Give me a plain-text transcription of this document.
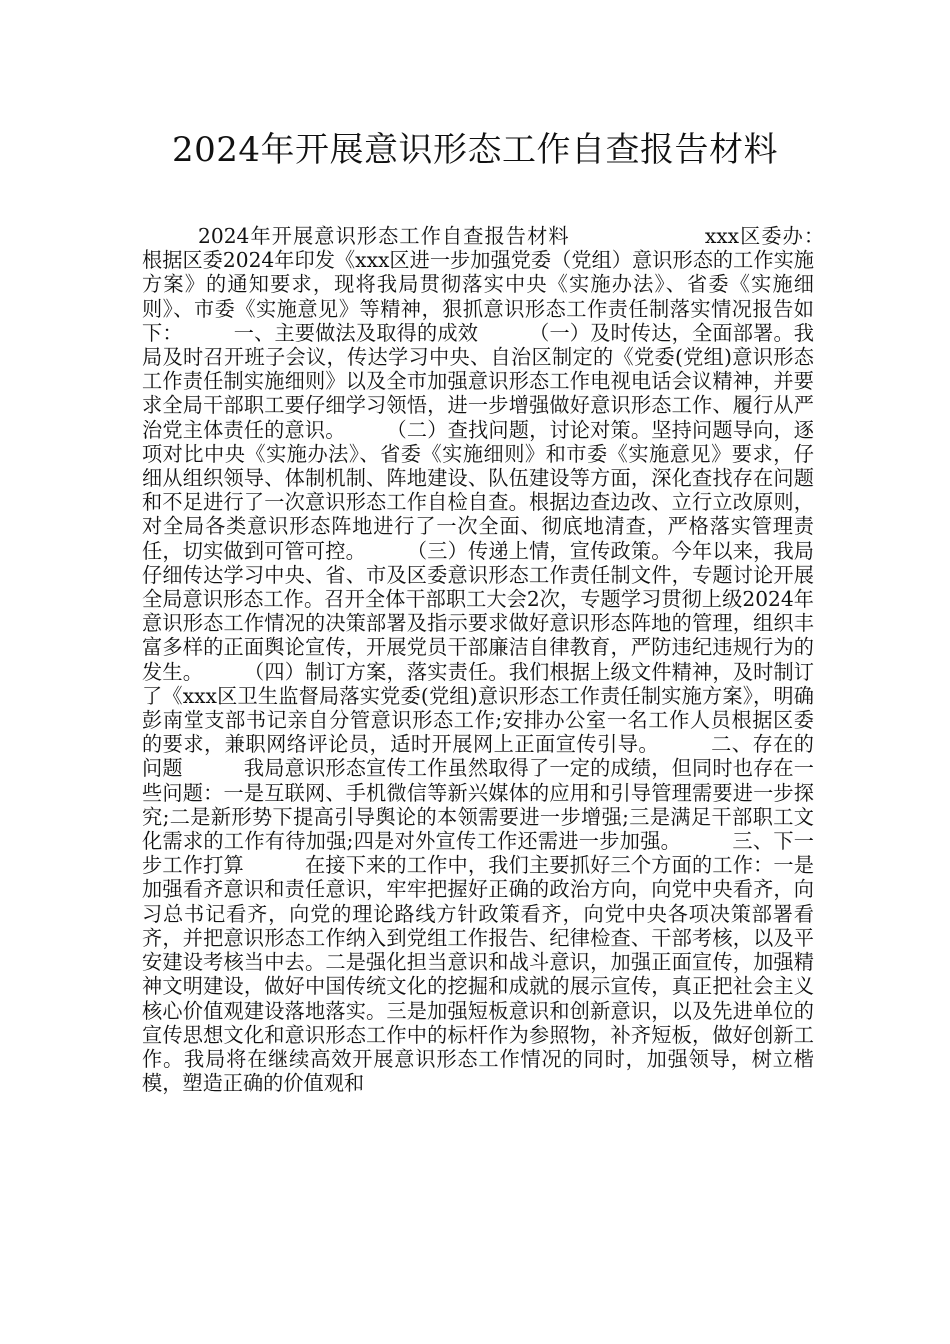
2024年开展意识形态工作自查报告材料

2024年开展意识形态工作自查报告材料　　　　　　 xxx区委办：　　根据区委2024年印发《xxx区进一步加强党委（党组）意识形态的工作实施方案》的通知要求，现将我局贯彻落实中央《实施办法》、省委《实施细则》、市委《实施意见》等精神，狠抓意识形态工作责任制落实情况报告如下：　　　一、主要做法及取得的成效　　　（一）及时传达，全面部署。我局及时召开班子会议，传达学习中央、自治区制定的《党委(党组)意识形态工作责任制实施细则》以及全市加强意识形态工作电视电话会议精神，并要求全局干部职工要仔细学习领悟，进一步增强做好意识形态工作、履行从严治党主体责任的意识。　　　（二）查找问题，讨论对策。坚持问题导向，逐项对比中央《实施办法》、省委《实施细则》和市委《实施意见》要求，仔细从组织领导、体制机制、阵地建设、队伍建设等方面，深化查找存在问题和不足进行了一次意识形态工作自检自查。根据边查边改、立行立改原则，对全局各类意识形态阵地进行了一次全面、彻底地清查，严格落实管理责任，切实做到可管可控。　　　（三）传递上情，宣传政策。今年以来，我局仔细传达学习中央、省、市及区委意识形态工作责任制文件，专题讨论开展全局意识形态工作。召开全体干部职工大会2次，专题学习贯彻上级2024年意识形态工作情况的决策部署及指示要求做好意识形态阵地的管理，组织丰富多样的正面舆论宣传，开展党员干部廉洁自律教育，严防违纪违规行为的发生。　　　（四）制订方案，落实责任。我们根据上级文件精神，及时制订了《xxx区卫生监督局落实党委(党组)意识形态工作责任制实施方案》，明确彭南堂支部书记亲自分管意识形态工作;安排办公室一名工作人员根据区委的要求，兼职网络评论员，适时开展网上正面宣传引导。　　　二、存在的问题　　　我局意识形态宣传工作虽然取得了一定的成绩，但同时也存在一些问题：一是互联网、手机微信等新兴媒体的应用和引导管理需要进一步探究;二是新形势下提高引导舆论的本领需要进一步增强;三是满足干部职工文化需求的工作有待加强;四是对外宣传工作还需进一步加强。　　　三、下一步工作打算　　　在接下来的工作中，我们主要抓好三个方面的工作：一是加强看齐意识和责任意识，牢牢把握好正确的政治方向，向党中央看齐，向习总书记看齐，向党的理论路线方针政策看齐，向党中央各项决策部署看齐，并把意识形态工作纳入到党组工作报告、纪律检查、干部考核，以及平安建设考核当中去。二是强化担当意识和战斗意识，加强正面宣传，加强精神文明建设，做好中国传统文化的挖掘和成就的展示宣传，真正把社会主义核心价值观建设落地落实。三是加强短板意识和创新意识，以及先进单位的宣传思想文化和意识形态工作中的标杆作为参照物，补齐短板，做好创新工作。我局将在继续高效开展意识形态工作情况的同时，加强领导，树立楷模，塑造正确的价值观和
